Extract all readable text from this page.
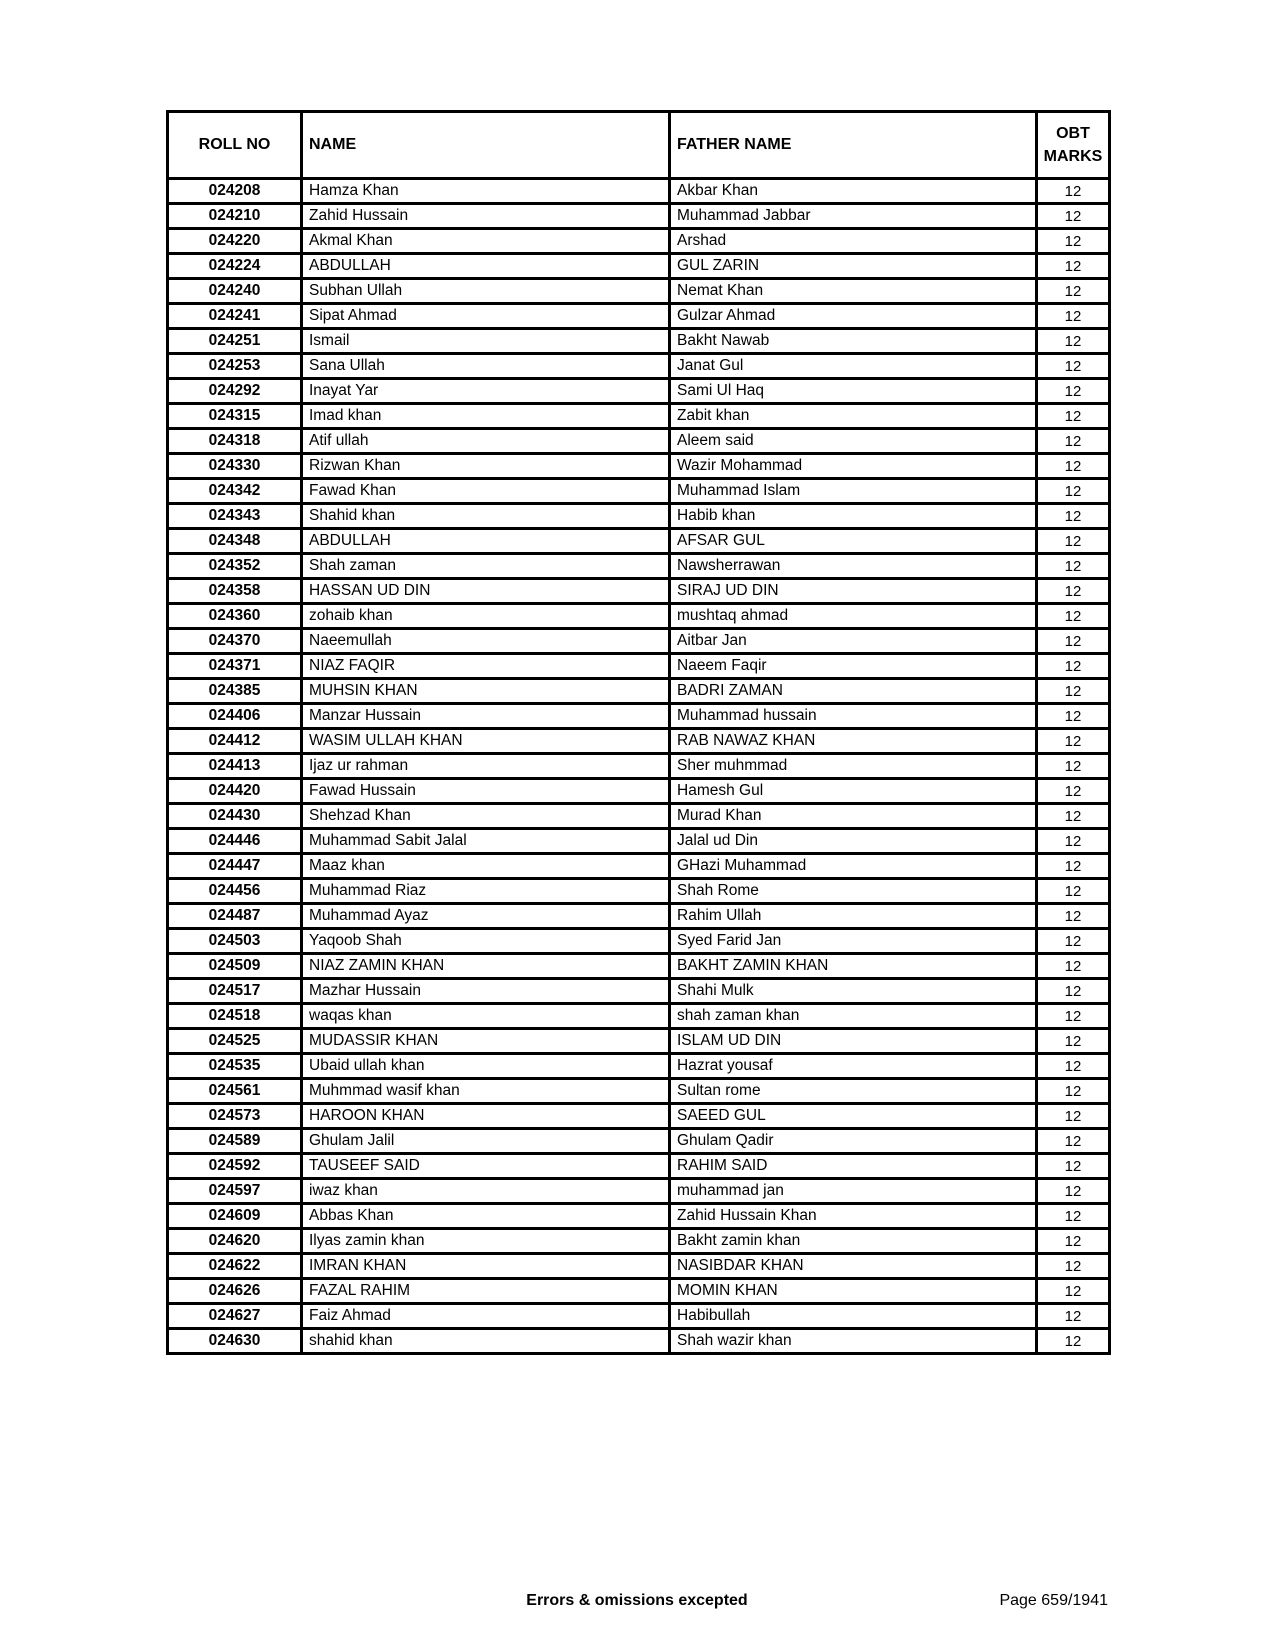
ROLL NO	NAME	FATHER NAME	OBT MARKS
024208	Hamza Khan	Akbar Khan	12
024210	Zahid Hussain	Muhammad Jabbar	12
024220	Akmal Khan	Arshad	12
024224	ABDULLAH	GUL ZARIN	12
024240	Subhan Ullah	Nemat Khan	12
024241	Sipat Ahmad	Gulzar Ahmad	12
024251	Ismail	Bakht Nawab	12
024253	Sana Ullah	Janat Gul	12
024292	Inayat Yar	Sami Ul Haq	12
024315	Imad khan	Zabit khan	12
024318	Atif ullah	Aleem said	12
024330	Rizwan Khan	Wazir Mohammad	12
024342	Fawad Khan	Muhammad Islam	12
024343	Shahid khan	Habib khan	12
024348	ABDULLAH	AFSAR GUL	12
024352	Shah zaman	Nawsherrawan	12
024358	HASSAN UD DIN	SIRAJ UD DIN	12
024360	zohaib khan	mushtaq ahmad	12
024370	Naeemullah	Aitbar Jan	12
024371	NIAZ FAQIR	Naeem Faqir	12
024385	MUHSIN KHAN	BADRI ZAMAN	12
024406	Manzar Hussain	Muhammad hussain	12
024412	WASIM ULLAH KHAN	RAB NAWAZ KHAN	12
024413	Ijaz ur rahman	Sher muhmmad	12
024420	Fawad Hussain	Hamesh Gul	12
024430	Shehzad Khan	Murad Khan	12
024446	Muhammad Sabit Jalal	Jalal ud Din	12
024447	Maaz khan	GHazi Muhammad	12
024456	Muhammad Riaz	Shah Rome	12
024487	Muhammad Ayaz	Rahim Ullah	12
024503	Yaqoob Shah	Syed Farid Jan	12
024509	NIAZ ZAMIN KHAN	BAKHT ZAMIN KHAN	12
024517	Mazhar Hussain	Shahi Mulk	12
024518	waqas khan	shah zaman khan	12
024525	MUDASSIR KHAN	ISLAM UD DIN	12
024535	Ubaid ullah khan	Hazrat yousaf	12
024561	Muhmmad wasif khan	Sultan rome	12
024573	HAROON KHAN	SAEED GUL	12
024589	Ghulam Jalil	Ghulam Qadir	12
024592	TAUSEEF SAID	RAHIM SAID	12
024597	iwaz khan	muhammad jan	12
024609	Abbas Khan	Zahid Hussain Khan	12
024620	Ilyas zamin khan	Bakht zamin khan	12
024622	IMRAN KHAN	NASIBDAR KHAN	12
024626	FAZAL RAHIM	MOMIN KHAN	12
024627	Faiz Ahmad	Habibullah	12
024630	shahid khan	Shah wazir khan	12
Errors & omissions excepted	Page 659/1941
